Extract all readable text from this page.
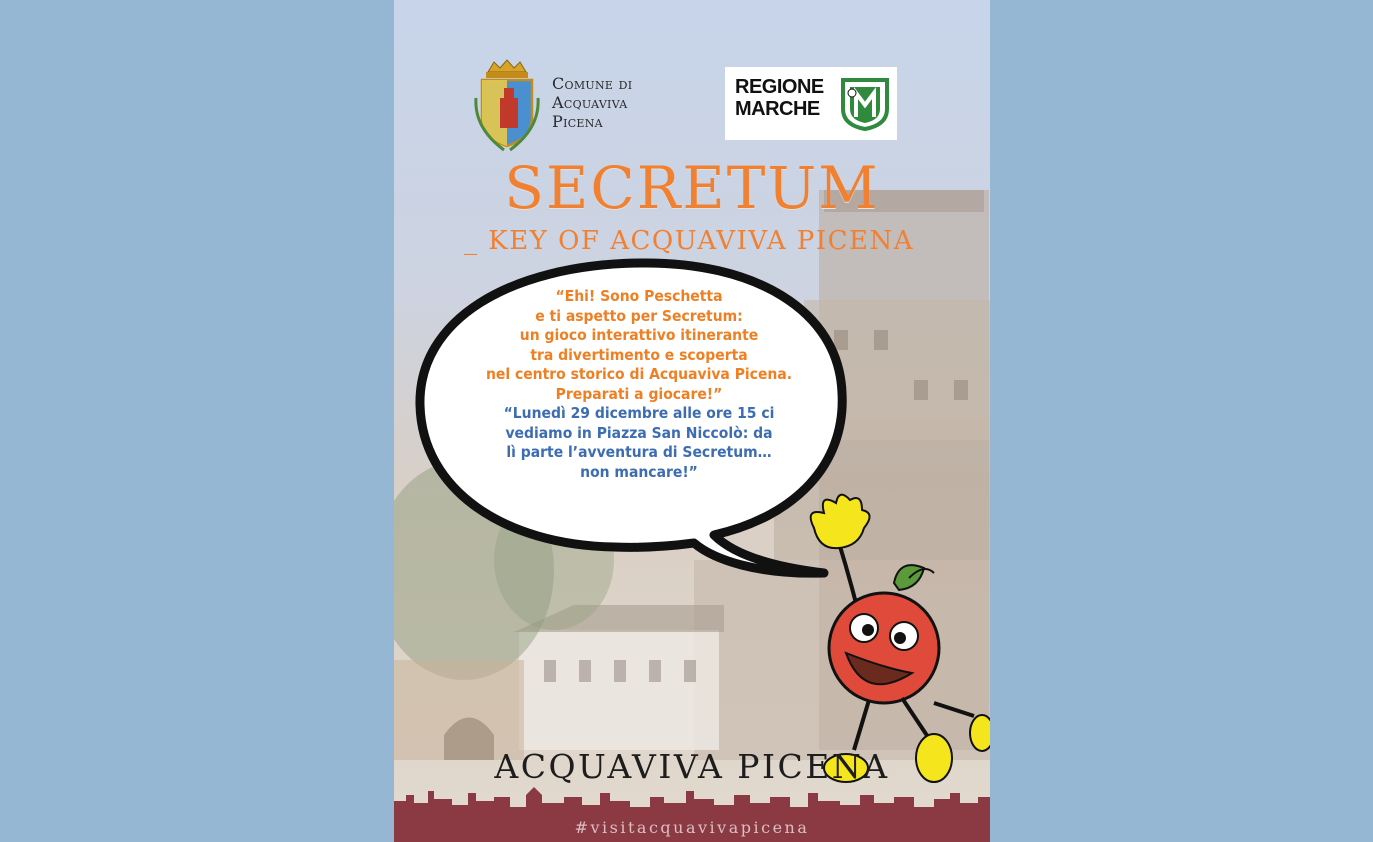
Comune di
Acquaviva
Picena
REGIONE
MARCHE
SECRETUM
_ KEY OF ACQUAVIVA PICENA
“Ehi! Sono Peschetta
e ti aspetto per Secretum:
un gioco interattivo itinerante
tra divertimento e scoperta
nel centro storico di Acquaviva Picena.
Preparati a giocare!”
“Lunedì 29 dicembre alle ore 15 ci
vediamo in Piazza San Niccolò: da
lì parte l’avventura di Secretum…
non mancare!”
ACQUAVIVA PICENA
#visitacquavivapicena
